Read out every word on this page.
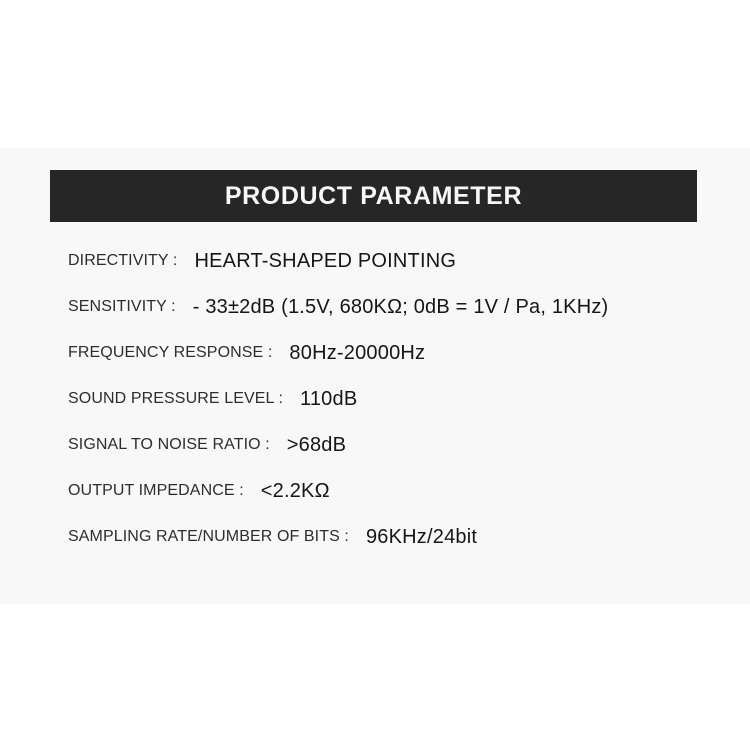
PRODUCT PARAMETER
DIRECTIVITY : HEART-SHAPED POINTING
SENSITIVITY : - 33±2dB (1.5V, 680KΩ; 0dB = 1V / Pa, 1KHz)
FREQUENCY RESPONSE : 80Hz-20000Hz
SOUND PRESSURE LEVEL : 110dB
SIGNAL TO NOISE RATIO : >68dB
OUTPUT IMPEDANCE : <2.2KΩ
SAMPLING RATE/NUMBER OF BITS : 96KHz/24bit
